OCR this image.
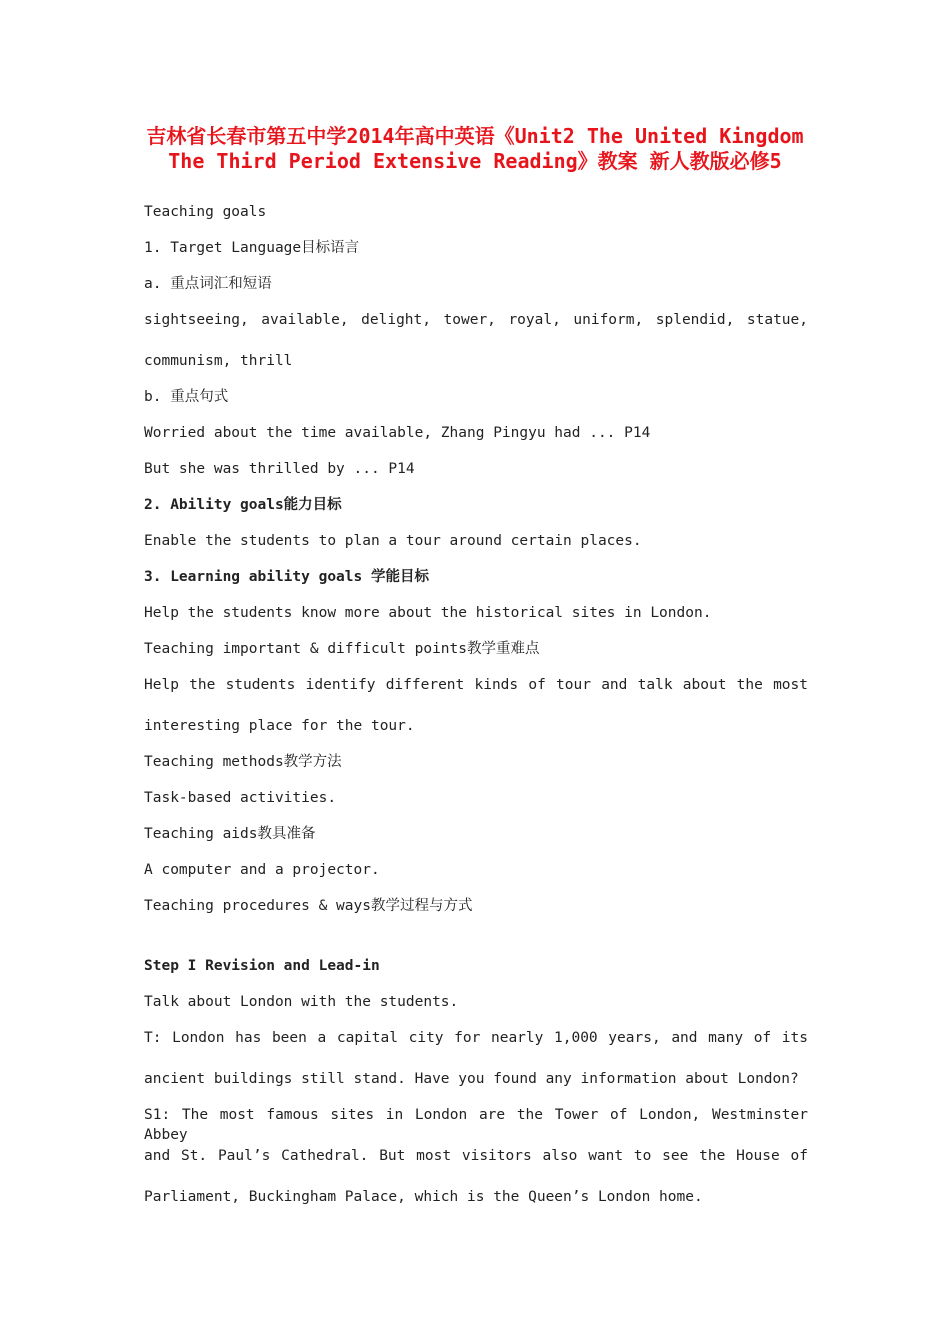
吉林省长春市第五中学2014年高中英语《Unit2 The United Kingdom The Third Period Extensive Reading》教案 新人教版必修5

Teaching goals

1. Target Language目标语言

a. 重点词汇和短语

sightseeing, available, delight, tower, royal, uniform, splendid, statue,

communism, thrill

b. 重点句式

Worried about the time available, Zhang Pingyu had ... P14

But she was thrilled by ... P14

2. Ability goals能力目标

Enable the students to plan a tour around certain places.

3. Learning ability goals 学能目标

Help the students know more about the historical sites in London.

Teaching important & difficult points教学重难点

Help the students identify different kinds of tour and talk about the most

interesting place for the tour.

Teaching methods教学方法

Task-based activities.

Teaching aids教具准备

A computer and a projector.

Teaching procedures & ways教学过程与方式

Step I Revision and Lead-in

Talk about London with the students.

T: London has been a capital city for nearly 1,000 years, and many of its

ancient buildings still stand. Have you found any information about London?

S1: The most famous sites in London are the Tower of London, Westminster Abbey

and St. Paul’s Cathedral. But most visitors also want to see the House of

Parliament, Buckingham Palace, which is the Queen’s London home.
